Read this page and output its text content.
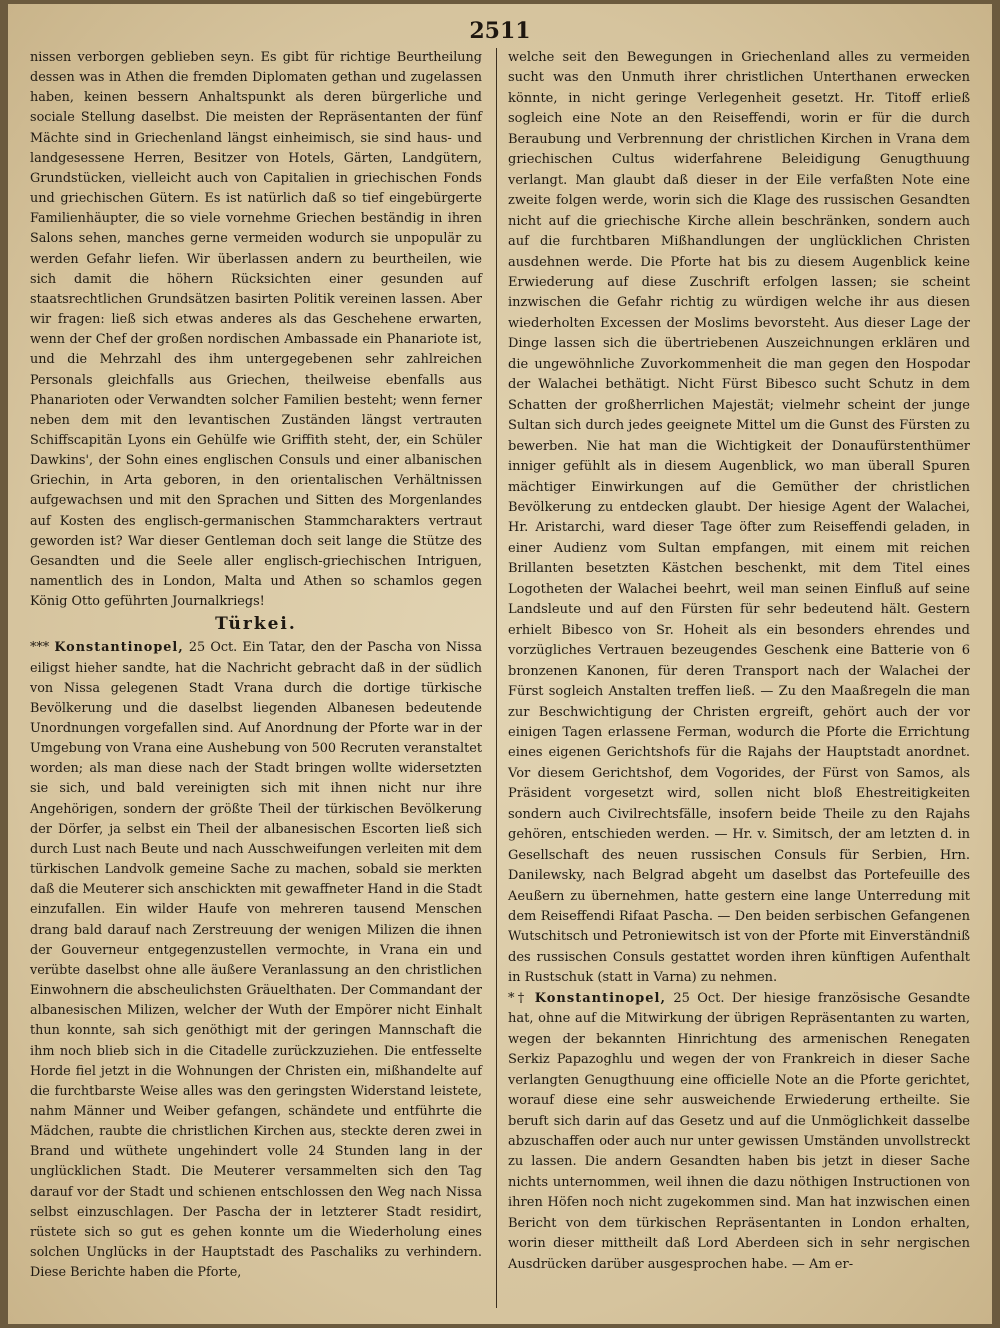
2511

nissen verborgen geblieben seyn. Es gibt für richtige Beurtheilung dessen was in Athen die fremden Diplomaten gethan und zugelassen haben, keinen bessern Anhaltspunkt als deren bürgerliche und sociale Stellung daselbst. Die meisten der Repräsentanten der fünf Mächte sind in Griechenland längst einheimisch, sie sind haus- und landgesessene Herren, Besitzer von Hotels, Gärten, Landgütern, Grundstücken, vielleicht auch von Capitalien in griechischen Fonds und griechischen Gütern. Es ist natürlich daß so tief eingebürgerte Familienhäupter, die so viele vornehme Griechen beständig in ihren Salons sehen, manches gerne vermeiden wodurch sie unpopulär zu werden Gefahr liefen. Wir überlassen andern zu beurtheilen, wie sich damit die höhern Rücksichten einer gesunden auf staatsrechtlichen Grundsätzen basirten Politik vereinen lassen. Aber wir fragen: ließ sich etwas anderes als das Geschehene erwarten, wenn der Chef der großen nordischen Ambassade ein Phanariote ist, und die Mehrzahl des ihm untergegebenen sehr zahlreichen Personals gleichfalls aus Griechen, theilweise ebenfalls aus Phanarioten oder Verwandten solcher Familien besteht; wenn ferner neben dem mit den levantischen Zuständen längst vertrauten Schiffscapitän Lyons ein Gehülfe wie Griffith steht, der, ein Schüler Dawkins', der Sohn eines englischen Consuls und einer albanischen Griechin, in Arta geboren, in den orientalischen Verhältnissen aufgewachsen und mit den Sprachen und Sitten des Morgenlandes auf Kosten des englisch-germanischen Stammcharakters vertraut geworden ist? War dieser Gentleman doch seit lange die Stütze des Gesandten und die Seele aller englisch-griechischen Intriguen, namentlich des in London, Malta und Athen so schamlos gegen König Otto geführten Journalkriegs!

Türkei.

*** Konstantinopel, 25 Oct. Ein Tatar, den der Pascha von Nissa eiligst hieher sandte, hat die Nachricht gebracht daß in der südlich von Nissa gelegenen Stadt Vrana durch die dortige türkische Bevölkerung und die daselbst liegenden Albanesen bedeutende Unordnungen vorgefallen sind. Auf Anordnung der Pforte war in der Umgebung von Vrana eine Aushebung von 500 Recruten veranstaltet worden; als man diese nach der Stadt bringen wollte widersetzten sie sich, und bald vereinigten sich mit ihnen nicht nur ihre Angehörigen, sondern der größte Theil der türkischen Bevölkerung der Dörfer, ja selbst ein Theil der albanesischen Escorten ließ sich durch Lust nach Beute und nach Ausschweifungen verleiten mit dem türkischen Landvolk gemeine Sache zu machen, sobald sie merkten daß die Meuterer sich anschickten mit gewaffneter Hand in die Stadt einzufallen. Ein wilder Haufe von mehreren tausend Menschen drang bald darauf nach Zerstreuung der wenigen Milizen die ihnen der Gouverneur entgegenzustellen vermochte, in Vrana ein und verübte daselbst ohne alle äußere Veranlassung an den christlichen Einwohnern die abscheulichsten Gräuelthaten. Der Commandant der albanesischen Milizen, welcher der Wuth der Empörer nicht Einhalt thun konnte, sah sich genöthigt mit der geringen Mannschaft die ihm noch blieb sich in die Citadelle zurückzuziehen. Die entfesselte Horde fiel jetzt in die Wohnungen der Christen ein, mißhandelte auf die furchtbarste Weise alles was den geringsten Widerstand leistete, nahm Männer und Weiber gefangen, schändete und entführte die Mädchen, raubte die christlichen Kirchen aus, steckte deren zwei in Brand und wüthete ungehindert volle 24 Stunden lang in der unglücklichen Stadt. Die Meuterer versammelten sich den Tag darauf vor der Stadt und schienen entschlossen den Weg nach Nissa selbst einzuschlagen. Der Pascha der in letzterer Stadt residirt, rüstete sich so gut es gehen konnte um die Wiederholung eines solchen Unglücks in der Hauptstadt des Paschaliks zu verhindern. Diese Berichte haben die Pforte,

welche seit den Bewegungen in Griechenland alles zu vermeiden sucht was den Unmuth ihrer christlichen Unterthanen erwecken könnte, in nicht geringe Verlegenheit gesetzt. Hr. Titoff erließ sogleich eine Note an den Reiseffendi, worin er für die durch Beraubung und Verbrennung der christlichen Kirchen in Vrana dem griechischen Cultus widerfahrene Beleidigung Genugthuung verlangt. Man glaubt daß dieser in der Eile verfaßten Note eine zweite folgen werde, worin sich die Klage des russischen Gesandten nicht auf die griechische Kirche allein beschränken, sondern auch auf die furchtbaren Mißhandlungen der unglücklichen Christen ausdehnen werde. Die Pforte hat bis zu diesem Augenblick keine Erwiederung auf diese Zuschrift erfolgen lassen; sie scheint inzwischen die Gefahr richtig zu würdigen welche ihr aus diesen wiederholten Excessen der Moslims bevorsteht. Aus dieser Lage der Dinge lassen sich die übertriebenen Auszeichnungen erklären und die ungewöhnliche Zuvorkommenheit die man gegen den Hospodar der Walachei bethätigt. Nicht Fürst Bibesco sucht Schutz in dem Schatten der großherrlichen Majestät; vielmehr scheint der junge Sultan sich durch jedes geeignete Mittel um die Gunst des Fürsten zu bewerben. Nie hat man die Wichtigkeit der Donaufürstenthümer inniger gefühlt als in diesem Augenblick, wo man überall Spuren mächtiger Einwirkungen auf die Gemüther der christlichen Bevölkerung zu entdecken glaubt. Der hiesige Agent der Walachei, Hr. Aristarchi, ward dieser Tage öfter zum Reiseffendi geladen, in einer Audienz vom Sultan empfangen, mit einem mit reichen Brillanten besetzten Kästchen beschenkt, mit dem Titel eines Logotheten der Walachei beehrt, weil man seinen Einfluß auf seine Landsleute und auf den Fürsten für sehr bedeutend hält. Gestern erhielt Bibesco von Sr. Hoheit als ein besonders ehrendes und vorzügliches Vertrauen bezeugendes Geschenk eine Batterie von 6 bronzenen Kanonen, für deren Transport nach der Walachei der Fürst sogleich Anstalten treffen ließ. — Zu den Maaßregeln die man zur Beschwichtigung der Christen ergreift, gehört auch der vor einigen Tagen erlassene Ferman, wodurch die Pforte die Errichtung eines eigenen Gerichtshofs für die Rajahs der Hauptstadt anordnet. Vor diesem Gerichtshof, dem Vogorides, der Fürst von Samos, als Präsident vorgesetzt wird, sollen nicht bloß Ehestreitigkeiten sondern auch Civilrechtsfälle, insofern beide Theile zu den Rajahs gehören, entschieden werden. — Hr. v. Simitsch, der am letzten d. in Gesellschaft des neuen russischen Consuls für Serbien, Hrn. Danilewsky, nach Belgrad abgeht um daselbst das Portefeuille des Aeußern zu übernehmen, hatte gestern eine lange Unterredung mit dem Reiseffendi Rifaat Pascha. — Den beiden serbischen Gefangenen Wutschitsch und Petroniewitsch ist von der Pforte mit Einverständniß des russischen Consuls gestattet worden ihren künftigen Aufenthalt in Rustschuk (statt in Varna) zu nehmen.

*† Konstantinopel, 25 Oct. Der hiesige französische Gesandte hat, ohne auf die Mitwirkung der übrigen Repräsentanten zu warten, wegen der bekannten Hinrichtung des armenischen Renegaten Serkiz Papazoghlu und wegen der von Frankreich in dieser Sache verlangten Genugthuung eine officielle Note an die Pforte gerichtet, worauf diese eine sehr ausweichende Erwiederung ertheilte. Sie beruft sich darin auf das Gesetz und auf die Unmöglichkeit dasselbe abzuschaffen oder auch nur unter gewissen Umständen unvollstreckt zu lassen. Die andern Gesandten haben bis jetzt in dieser Sache nichts unternommen, weil ihnen die dazu nöthigen Instructionen von ihren Höfen noch nicht zugekommen sind. Man hat inzwischen einen Bericht von dem türkischen Repräsentanten in London erhalten, worin dieser mittheilt daß Lord Aberdeen sich in sehr nergischen Ausdrücken darüber ausgesprochen habe. — Am er-
